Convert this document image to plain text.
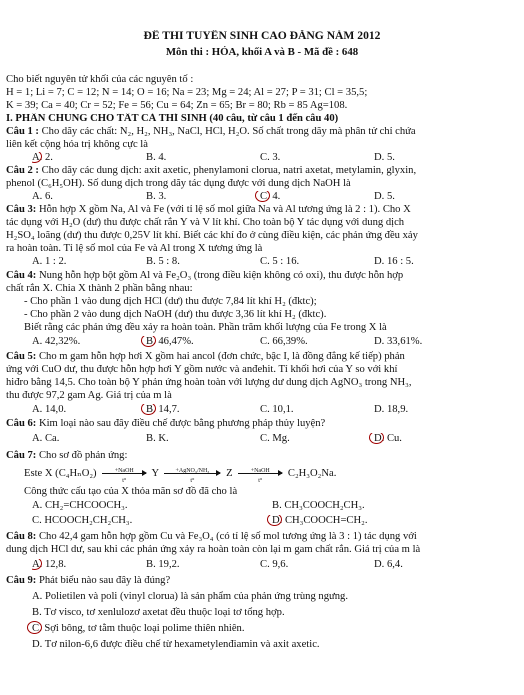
ĐỀ THI TUYỂN SINH CAO ĐẲNG NĂM 2012
Môn thi : HÓA, khối A và B - Mã đề : 648
Cho biết nguyên tử khối của các nguyên tố :
H = 1; Li = 7; C = 12; N = 14; O = 16; Na = 23; Mg = 24; Al = 27; P = 31; Cl = 35,5;
K = 39; Ca = 40; Cr = 52; Fe = 56; Cu = 64; Zn = 65; Br = 80; Rb = 85 Ag=108.
I. PHẦN CHUNG CHO TẤT CẢ THÍ SINH (40 câu, từ câu 1 đến câu 40)
Câu 1 : Cho dãy các chất: N₂, H₂, NH₃, NaCl, HCl, H₂O. Số chất trong dãy mà phân tử chỉ chứa
liên kết cộng hóa trị không cực là
A. 2.	B. 4.	C. 3.	D. 5.
Câu 2 : Cho dãy các dung dịch: axit axetic, phenylamoni clorua, natri axetat, metylamin, glyxin,
phenol (C₆H₅OH). Số dung dịch trong dãy tác dụng được với dung dịch NaOH là
A. 6.	B. 3.	C. 4.	D. 5.
Câu 3: Hỗn hợp X gồm Na, Al và Fe (với tỉ lệ số mol giữa Na và Al tương ứng là 2 : 1). Cho X
tác dụng với H₂O (dư) thu được chất rắn Y và V lít khí. Cho toàn bộ Y tác dụng với dung dịch
H₂SO₄ loãng (dư) thu được 0,25V lít khí. Biết các khí đo ở cùng điều kiện, các phản ứng đều xảy
ra hoàn toàn. Tỉ lệ số mol của Fe và Al trong X tương ứng là
A. 1 : 2.	B. 5 : 8.	C. 5 : 16.	D. 16 : 5.
Câu 4: Nung hỗn hợp bột gồm Al và Fe₂O₃ (trong điều kiện không có oxi), thu được hỗn hợp
chất rắn X. Chia X thành 2 phần bằng nhau:
- Cho phần 1 vào dung dịch HCl (dư) thu được 7,84 lít khí H₂ (đktc);
- Cho phần 2 vào dung dịch NaOH (dư) thu được 3,36 lít khí H₂ (đktc).
Biết rằng các phản ứng đều xảy ra hoàn toàn. Phần trăm khối lượng của Fe trong X là
A. 42,32%.	B. 46,47%.	C. 66,39%.	D. 33,61%.
Câu 5: Cho m gam hỗn hợp hơi X gồm hai ancol (đơn chức, bậc I, là đồng đẳng kế tiếp) phản
ứng với CuO dư, thu được hỗn hợp hơi Y gồm nước và anđehit. Tỉ khối hơi của Y so với khí
hiđro bằng 14,5. Cho toàn bộ Y phản ứng hoàn toàn với lượng dư dung dịch AgNO₃ trong NH₃,
thu được 97,2 gam Ag. Giá trị của m là
A. 14,0.	B. 14,7.	C. 10,1.	D. 18,9.
Câu 6: Kim loại nào sau đây điều chế được bằng phương pháp thủy luyện?
A. Ca.	B. K.	C. Mg.	D. Cu.
Câu 7: Cho sơ đồ phản ứng:
Este X (C₄HₙO₂)	+NaOH
t°
Y	+AgNO₃/NH₃
t°
Z	+NaOH
t°
C₂H₃O₂Na.
Công thức cấu tạo của X thỏa mãn sơ đồ đã cho là
A. CH₂=CHCOOCH₃.	B. CH₃COOCH₂CH₃.
C. HCOOCH₂CH₂CH₃.	D. CH₃COOCH=CH₂.
Câu 8: Cho 42,4 gam hỗn hợp gồm Cu và Fe₃O₄ (có tỉ lệ số mol tương ứng là 3 : 1) tác dụng với
dung dịch HCl dư, sau khi các phản ứng xảy ra hoàn toàn còn lại m gam chất rắn. Giá trị của m là
A. 12,8.	B. 19,2.	C. 9,6.	D. 6,4.
Câu 9: Phát biểu nào sau đây là đúng?
A. Polietilen và poli (vinyl clorua) là sản phẩm của phản ứng trùng ngưng.
B. Tơ visco, tơ xenlulozơ axetat đều thuộc loại tơ tổng hợp.
C. Sợi bông, tơ tằm thuộc loại polime thiên nhiên.
D. Tơ nilon-6,6 được điều chế từ hexametylenđiamin và axit axetic.
